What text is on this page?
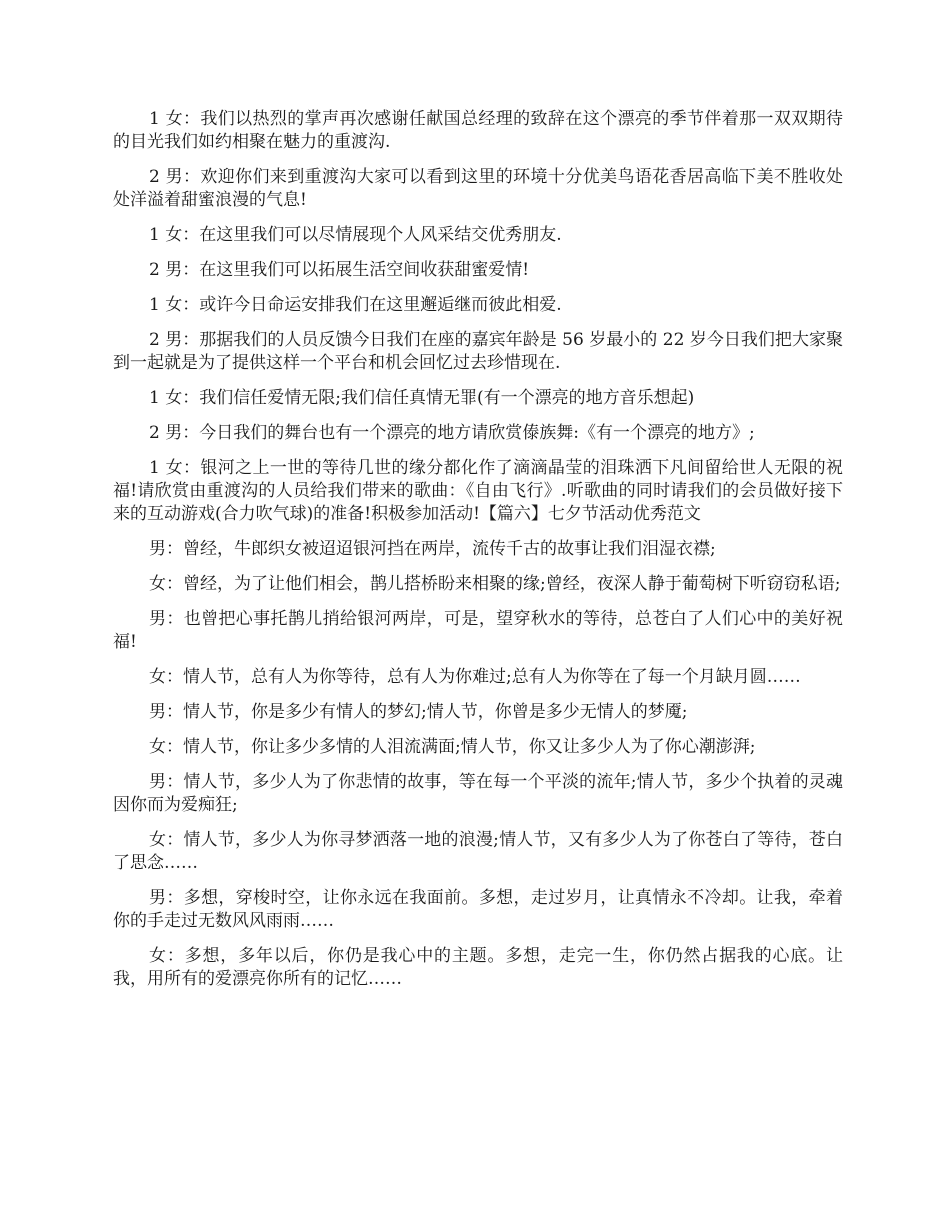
1 女：我们以热烈的掌声再次感谢任献国总经理的致辞在这个漂亮的季节伴着那一双双期待的目光我们如约相聚在魅力的重渡沟.

2 男：欢迎你们来到重渡沟大家可以看到这里的环境十分优美鸟语花香居高临下美不胜收处处洋溢着甜蜜浪漫的气息!

1 女：在这里我们可以尽情展现个人风采结交优秀朋友.

2 男：在这里我们可以拓展生活空间收获甜蜜爱情!

1 女：或许今日命运安排我们在这里邂逅继而彼此相爱.

2 男：那据我们的人员反馈今日我们在座的嘉宾年龄是 56 岁最小的 22 岁今日我们把大家聚到一起就是为了提供这样一个平台和机会回忆过去珍惜现在.

1 女：我们信任爱情无限;我们信任真情无罪(有一个漂亮的地方音乐想起)

2 男：今日我们的舞台也有一个漂亮的地方请欣赏傣族舞:《有一个漂亮的地方》;

1 女：银河之上一世的等待几世的缘分都化作了滴滴晶莹的泪珠洒下凡间留给世人无限的祝福!请欣赏由重渡沟的人员给我们带来的歌曲：《自由飞行》.听歌曲的同时请我们的会员做好接下来的互动游戏(合力吹气球)的准备!积极参加活动!【篇六】七夕节活动优秀范文

男：曾经，牛郎织女被迢迢银河挡在两岸，流传千古的故事让我们泪湿衣襟;

女：曾经，为了让他们相会，鹊儿搭桥盼来相聚的缘;曾经，夜深人静于葡萄树下听窃窃私语;

男：也曾把心事托鹊儿捎给银河两岸，可是，望穿秋水的等待，总苍白了人们心中的美好祝福!

女：情人节，总有人为你等待，总有人为你难过;总有人为你等在了每一个月缺月圆……

男：情人节，你是多少有情人的梦幻;情人节，你曾是多少无情人的梦魇;

女：情人节，你让多少多情的人泪流满面;情人节，你又让多少人为了你心潮澎湃;

男：情人节，多少人为了你悲情的故事，等在每一个平淡的流年;情人节，多少个执着的灵魂因你而为爱痴狂;

女：情人节，多少人为你寻梦洒落一地的浪漫;情人节，又有多少人为了你苍白了等待，苍白了思念……

男：多想，穿梭时空，让你永远在我面前。多想，走过岁月，让真情永不冷却。让我，牵着你的手走过无数风风雨雨……

女：多想，多年以后，你仍是我心中的主题。多想，走完一生，你仍然占据我的心底。让我，用所有的爱漂亮你所有的记忆……
